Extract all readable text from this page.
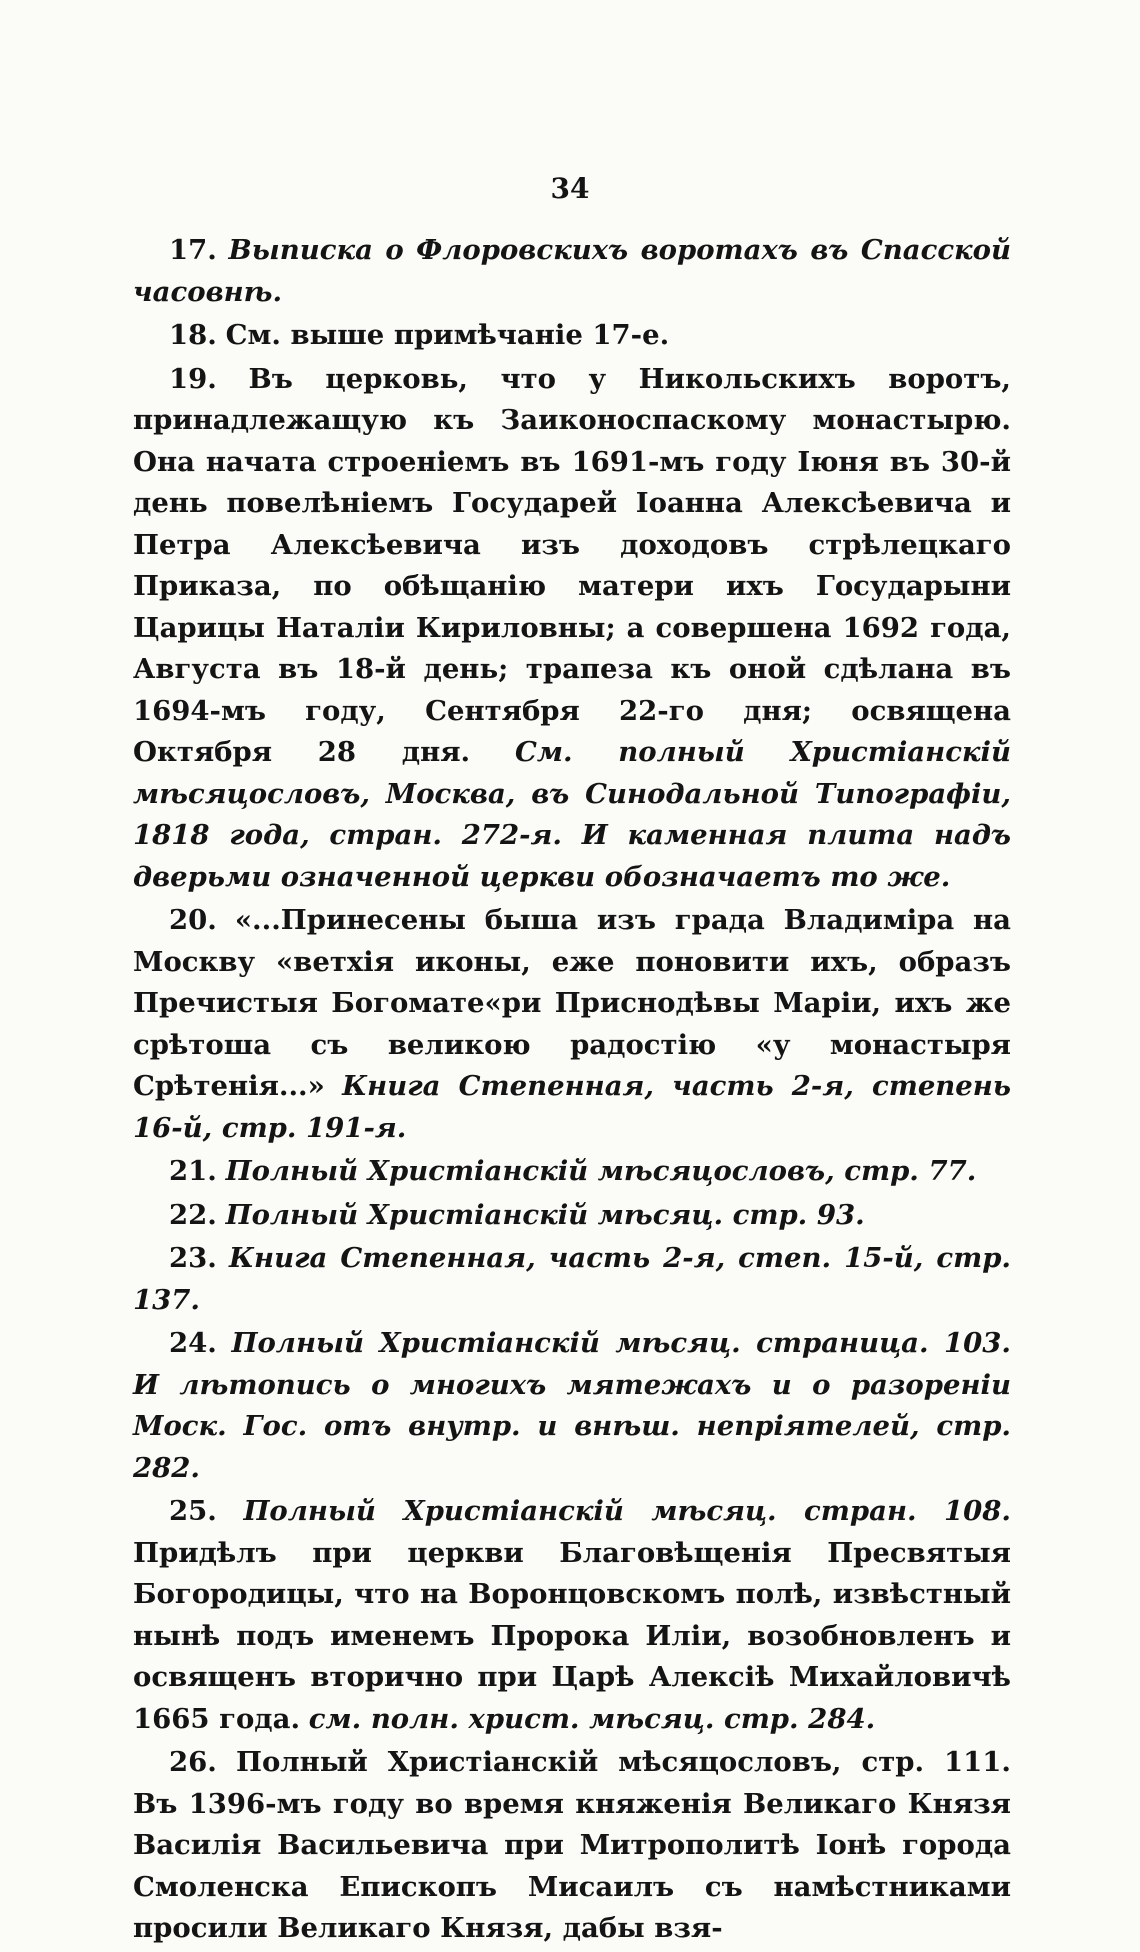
34

17. Выписка о Флоровскихъ воротахъ въ Спасской часовнѣ.

18. См. выше примѣчаніе 17-е.

19. Въ церковь, что у Никольскихъ воротъ, принадлежащую къ Заиконоспаскому монастырю. Она начата строеніемъ въ 1691-мъ году Іюня въ 30-й день повелѣніемъ Государей Іоанна Алексѣевича и Петра Алексѣевича изъ доходовъ стрѣлецкаго Приказа, по обѣщанію матери ихъ Государыни Царицы Наталіи Кириловны; а совершена 1692 года, Августа въ 18-й день; трапеза къ оной сдѣлана въ 1694-мъ году, Сентября 22-го дня; освящена Октября 28 дня. См. полный Христіанскій мѣсяцословъ, Москва, въ Синодальной Типографіи, 1818 года, стран. 272-я. И каменная плита надъ дверьми означенной церкви обозначаетъ то же.

20. «...Принесены быша изъ града Владиміра на Москву «ветхія иконы, еже поновити ихъ, образъ Пречистыя Богомате«ри Приснодѣвы Маріи, ихъ же срѣтоша съ великою радостію «у монастыря Срѣтенія...» Книга Степенная, часть 2-я, степень 16-й, стр. 191-я.

21. Полный Христіанскій мѣсяцословъ, стр. 77.

22. Полный Христіанскій мѣсяц. стр. 93.

23. Книга Степенная, часть 2-я, степ. 15-й, стр. 137.

24. Полный Христіанскій мѣсяц. страница. 103. И лѣтопись о многихъ мятежахъ и о разореніи Моск. Гос. отъ внутр. и внѣш. непріятелей, стр. 282.

25. Полный Христіанскій мѣсяц. стран. 108. Придѣлъ при церкви Благовѣщенія Пресвятыя Богородицы, что на Воронцовскомъ полѣ, извѣстный нынѣ подъ именемъ Пророка Иліи, возобновленъ и освященъ вторично при Царѣ Алексіѣ Михайловичѣ 1665 года. см. полн. христ. мѣсяц. стр. 284.

26. Полный Христіанскій мѣсяцословъ, стр. 111. Въ 1396-мъ году во время княженія Великаго Князя Василія Васильевича при Митрополитѣ Іонѣ города Смоленска Епископъ Мисаилъ съ намѣстниками просили Великаго Князя, дабы взя-
